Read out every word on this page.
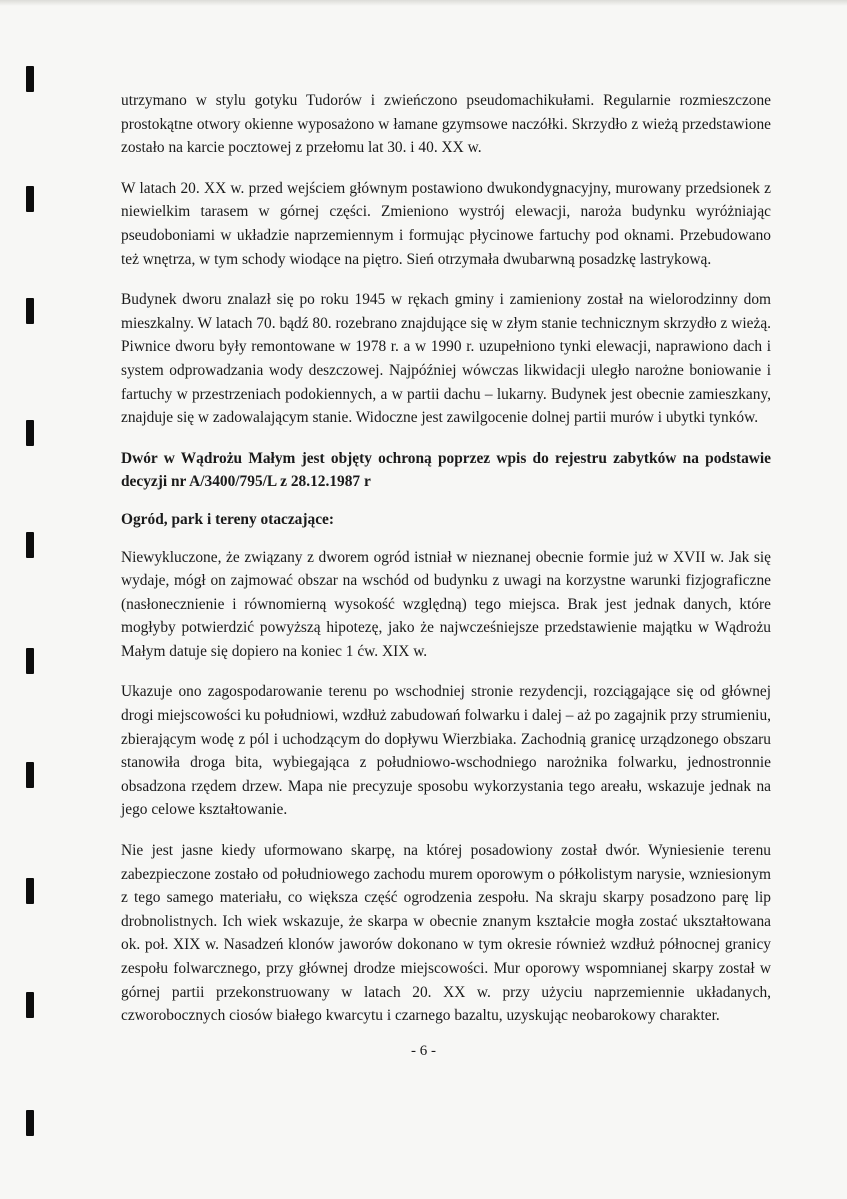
utrzymano w stylu gotyku Tudorów i zwieńczono pseudomachikułami. Regularnie rozmieszczone prostokątne otwory okienne wyposażono w łamane gzymsowe naczółki. Skrzydło z wieżą przedstawione zostało na karcie pocztowej z przełomu lat 30. i 40. XX w.

W latach 20. XX w. przed wejściem głównym postawiono dwukondygnacyjny, murowany przedsionek z niewielkim tarasem w górnej części. Zmieniono wystrój elewacji, naroża budynku wyróżniając pseudoboniami w układzie naprzemiennym i formując płycinowe fartuchy pod oknami. Przebudowano też wnętrza, w tym schody wiodące na piętro. Sień otrzymała dwubarwną posadzkę lastrykową.

Budynek dworu znalazł się po roku 1945 w rękach gminy i zamieniony został na wielorodzinny dom mieszkalny. W latach 70. bądź 80. rozebrano znajdujące się w złym stanie technicznym skrzydło z wieżą. Piwnice dworu były remontowane w 1978 r. a w 1990 r. uzupełniono tynki elewacji, naprawiono dach i system odprowadzania wody deszczowej. Najpóźniej wówczas likwidacji uległo narożne boniowanie i fartuchy w przestrzeniach podokiennych, a w partii dachu – lukarny. Budynek jest obecnie zamieszkany, znajduje się w zadowalającym stanie. Widoczne jest zawilgocenie dolnej partii murów i ubytki tynków.

Dwór w Wądrożu Małym jest objęty ochroną poprzez wpis do rejestru zabytków na podstawie decyzji nr A/3400/795/L z 28.12.1987 r

Ogród, park i tereny otaczające:

Niewykluczone, że związany z dworem ogród istniał w nieznanej obecnie formie już w XVII w. Jak się wydaje, mógł on zajmować obszar na wschód od budynku z uwagi na korzystne warunki fizjograficzne (nasłonecznienie i równomierną wysokość względną) tego miejsca. Brak jest jednak danych, które mogłyby potwierdzić powyższą hipotezę, jako że najwcześniejsze przedstawienie majątku w Wądrożu Małym datuje się dopiero na koniec 1 ćw. XIX w.

Ukazuje ono zagospodarowanie terenu po wschodniej stronie rezydencji, rozciągające się od głównej drogi miejscowości ku południowi, wzdłuż zabudowań folwarku i dalej – aż po zagajnik przy strumieniu, zbierającym wodę z pól i uchodzącym do dopływu Wierzbiaka. Zachodnią granicę urządzonego obszaru stanowiła droga bita, wybiegająca z południowo-wschodniego narożnika folwarku, jednostronnie obsadzona rzędem drzew. Mapa nie precyzuje sposobu wykorzystania tego areału, wskazuje jednak na jego celowe kształtowanie.

Nie jest jasne kiedy uformowano skarpę, na której posadowiony został dwór. Wyniesienie terenu zabezpieczone zostało od południowego zachodu murem oporowym o półkolistym narysie, wzniesionym z tego samego materiału, co większa część ogrodzenia zespołu. Na skraju skarpy posadzono parę lip drobnolistnych. Ich wiek wskazuje, że skarpa w obecnie znanym kształcie mogła zostać ukształtowana ok. poł. XIX w. Nasadzeń klonów jaworów dokonano w tym okresie również wzdłuż północnej granicy zespołu folwarcznego, przy głównej drodze miejscowości. Mur oporowy wspomnianej skarpy został w górnej partii przekonstruowany w latach 20. XX w. przy użyciu naprzemiennie układanych, czworobocznych ciosów białego kwarcytu i czarnego bazaltu, uzyskując neobarokowy charakter.

- 6 -
